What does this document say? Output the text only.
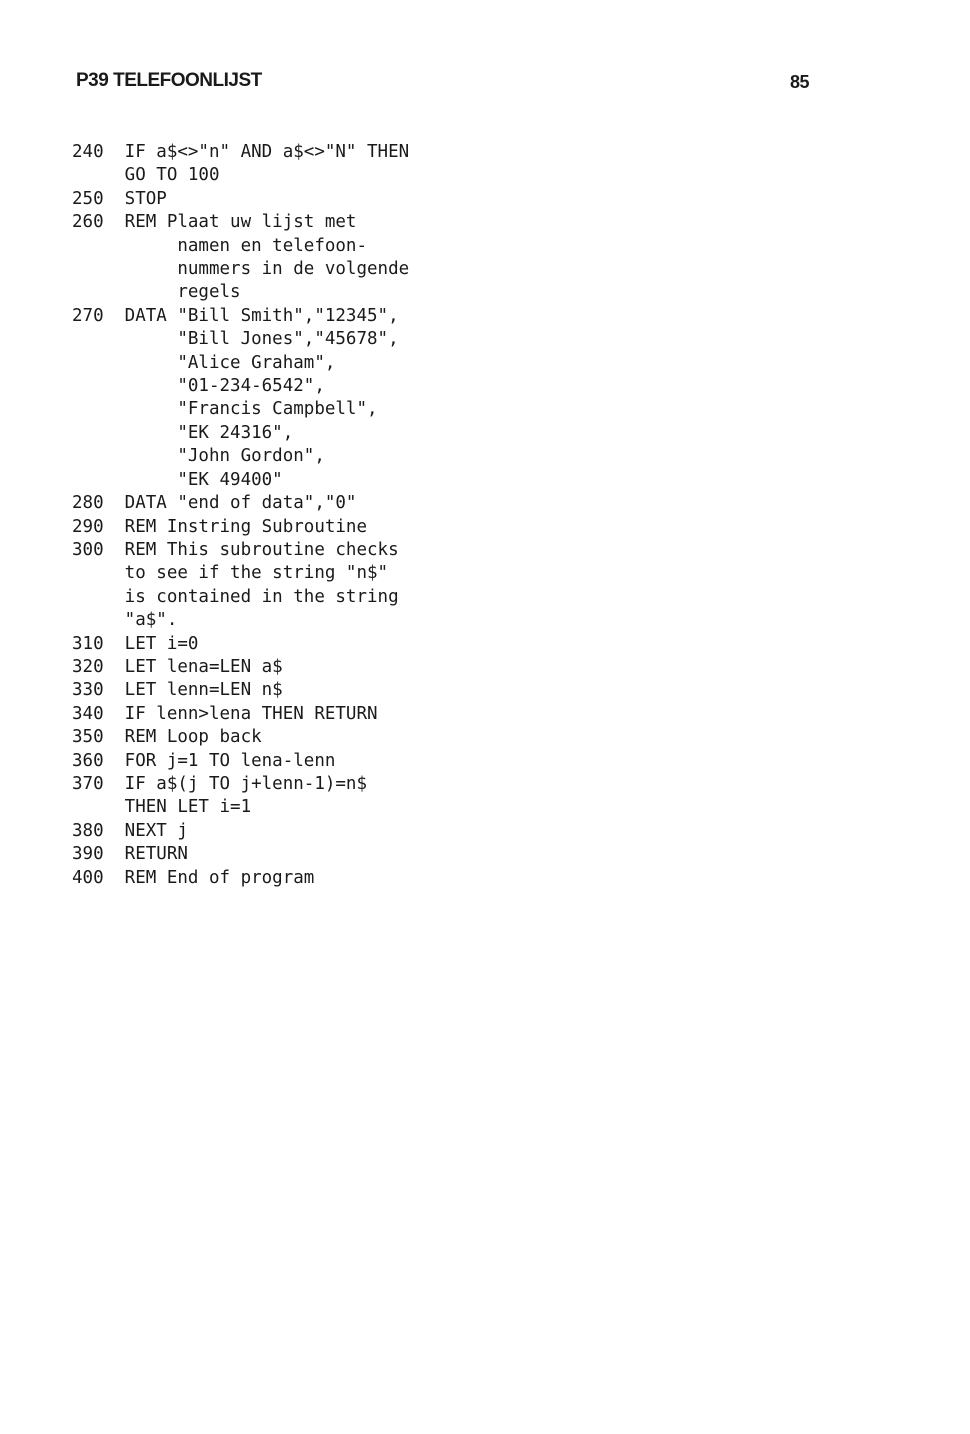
P39 TELEFOONLIJST	85
240  IF a$<>"n" AND a$<>"N" THEN
GO TO 100
250  STOP
260  REM Plaat uw lijst met
namen en telefoon-
nummers in de volgende
regels
270  DATA "Bill Smith","12345",
"Bill Jones","45678",
"Alice Graham",
"01-234-6542",
"Francis Campbell",
"EK 24316",
"John Gordon",
"EK 49400"
280  DATA "end of data","0"
290  REM Instring Subroutine
300  REM This subroutine checks
to see if the string "n$"
is contained in the string
"a$".
310  LET i=0
320  LET lena=LEN a$
330  LET lenn=LEN n$
340  IF lenn>lena THEN RETURN
350  REM Loop back
360  FOR j=1 TO lena-lenn
370  IF a$(j TO j+lenn-1)=n$
THEN LET i=1
380  NEXT j
390  RETURN
400  REM End of program
